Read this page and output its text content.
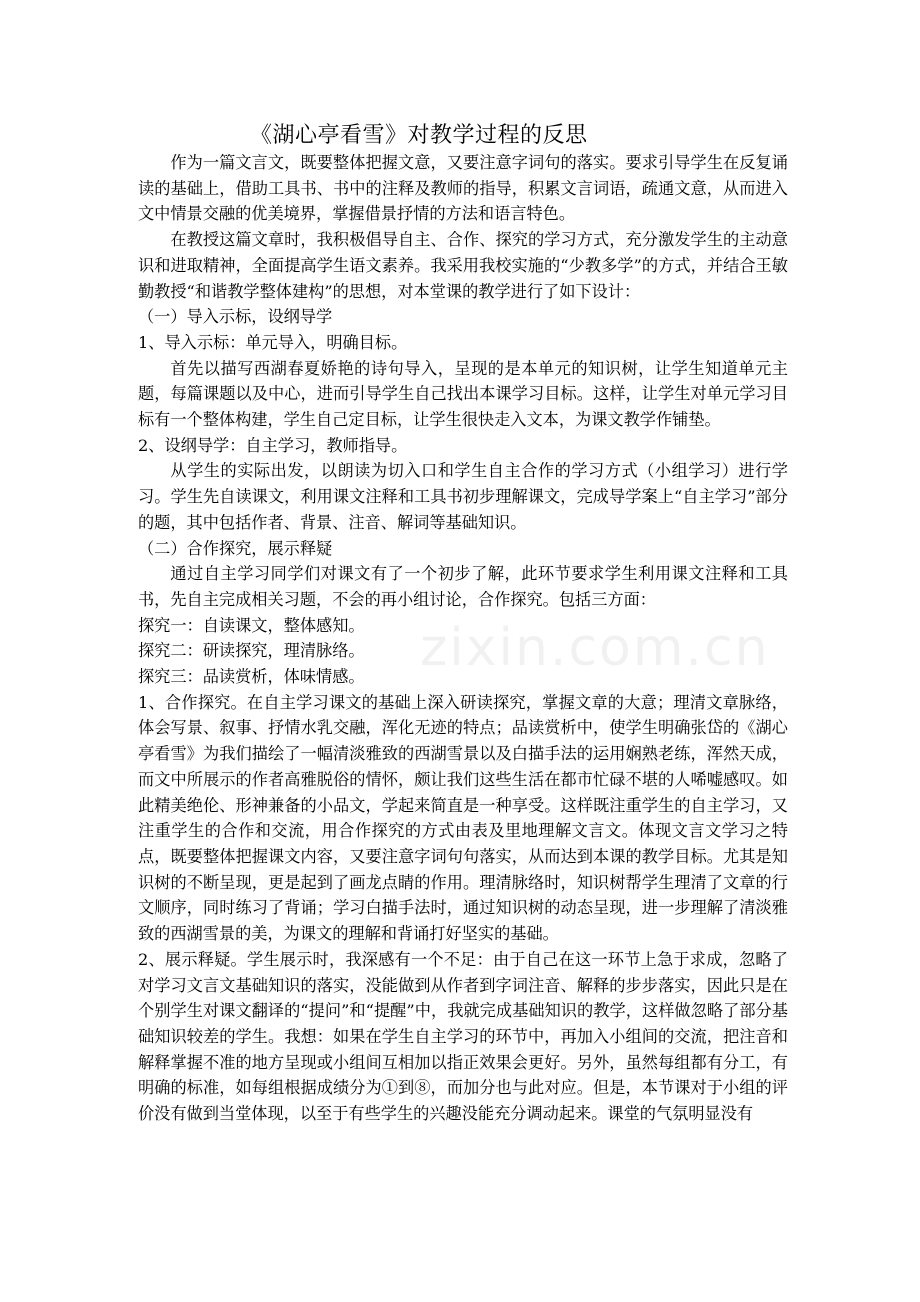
zixin.com.cn
《湖心亭看雪》对教学过程的反思

作为一篇文言文，既要整体把握文意，又要注意字词句的落实。要求引导学生在反复诵读的基础上，借助工具书、书中的注释及教师的指导，积累文言词语，疏通文意，从而进入文中情景交融的优美境界，掌握借景抒情的方法和语言特色。

在教授这篇文章时，我积极倡导自主、合作、探究的学习方式，充分激发学生的主动意识和进取精神，全面提高学生语文素养。我采用我校实施的“少教多学”的方式，并结合王敏勤教授“和谐教学整体建构”的思想，对本堂课的教学进行了如下设计：

（一）导入示标，设纲导学

1、导入示标：单元导入，明确目标。

首先以描写西湖春夏娇艳的诗句导入，呈现的是本单元的知识树，让学生知道单元主题，每篇课题以及中心，进而引导学生自己找出本课学习目标。这样，让学生对单元学习目标有一个整体构建，学生自己定目标，让学生很快走入文本，为课文教学作铺垫。

2、设纲导学：自主学习，教师指导。

从学生的实际出发，以朗读为切入口和学生自主合作的学习方式（小组学习）进行学习。学生先自读课文，利用课文注释和工具书初步理解课文，完成导学案上“自主学习”部分的题，其中包括作者、背景、注音、解词等基础知识。

（二）合作探究，展示释疑

通过自主学习同学们对课文有了一个初步了解，此环节要求学生利用课文注释和工具书，先自主完成相关习题，不会的再小组讨论，合作探究。包括三方面：

探究一：自读课文，整体感知。

探究二：研读探究，理清脉络。

探究三：品读赏析，体味情感。

1、合作探究。在自主学习课文的基础上深入研读探究，掌握文章的大意；理清文章脉络，体会写景、叙事、抒情水乳交融，浑化无迹的特点；品读赏析中，使学生明确张岱的《湖心亭看雪》为我们描绘了一幅清淡雅致的西湖雪景以及白描手法的运用娴熟老练，浑然天成，而文中所展示的作者高雅脱俗的情怀，颇让我们这些生活在都市忙碌不堪的人唏嘘感叹。如此精美绝伦、形神兼备的小品文，学起来简直是一种享受。这样既注重学生的自主学习，又注重学生的合作和交流，用合作探究的方式由表及里地理解文言文。体现文言文学习之特点，既要整体把握课文内容，又要注意字词句句落实，从而达到本课的教学目标。尤其是知识树的不断呈现，更是起到了画龙点睛的作用。理清脉络时，知识树帮学生理清了文章的行文顺序，同时练习了背诵；学习白描手法时，通过知识树的动态呈现，进一步理解了清淡雅致的西湖雪景的美，为课文的理解和背诵打好坚实的基础。

2、展示释疑。学生展示时，我深感有一个不足：由于自己在这一环节上急于求成，忽略了对学习文言文基础知识的落实，没能做到从作者到字词注音、解释的步步落实，因此只是在个别学生对课文翻译的“提问”和“提醒”中，我就完成基础知识的教学，这样做忽略了部分基础知识较差的学生。我想：如果在学生自主学习的环节中，再加入小组间的交流，把注音和解释掌握不准的地方呈现或小组间互相加以指正效果会更好。另外，虽然每组都有分工，有明确的标准，如每组根据成绩分为①到⑧，而加分也与此对应。但是，本节课对于小组的评价没有做到当堂体现，以至于有些学生的兴趣没能充分调动起来。课堂的气氛明显没有
